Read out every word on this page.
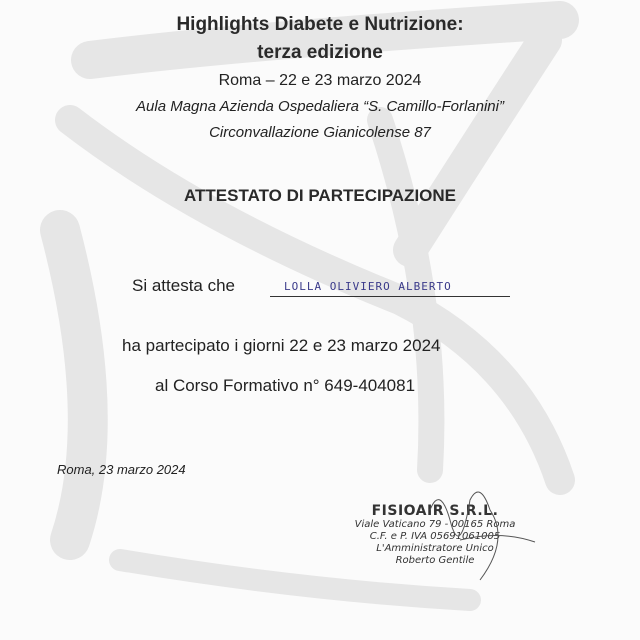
Highlights Diabete e Nutrizione:
terza edizione
Roma – 22 e 23 marzo 2024
Aula Magna Azienda Ospedaliera “S. Camillo-Forlanini”
Circonvallazione Gianicolense 87
ATTESTATO DI PARTECIPAZIONE
Si attesta che	LOLLA OLIVIERO ALBERTO
ha partecipato i giorni 22 e 23 marzo 2024
al Corso Formativo n° 649-404081
Roma, 23 marzo 2024
FISIOAIR S.R.L.
Viale Vaticano 79 - 00165 Roma
C.F. e P. IVA 05691061005
L'Amministratore Unico
Roberto Gentile
